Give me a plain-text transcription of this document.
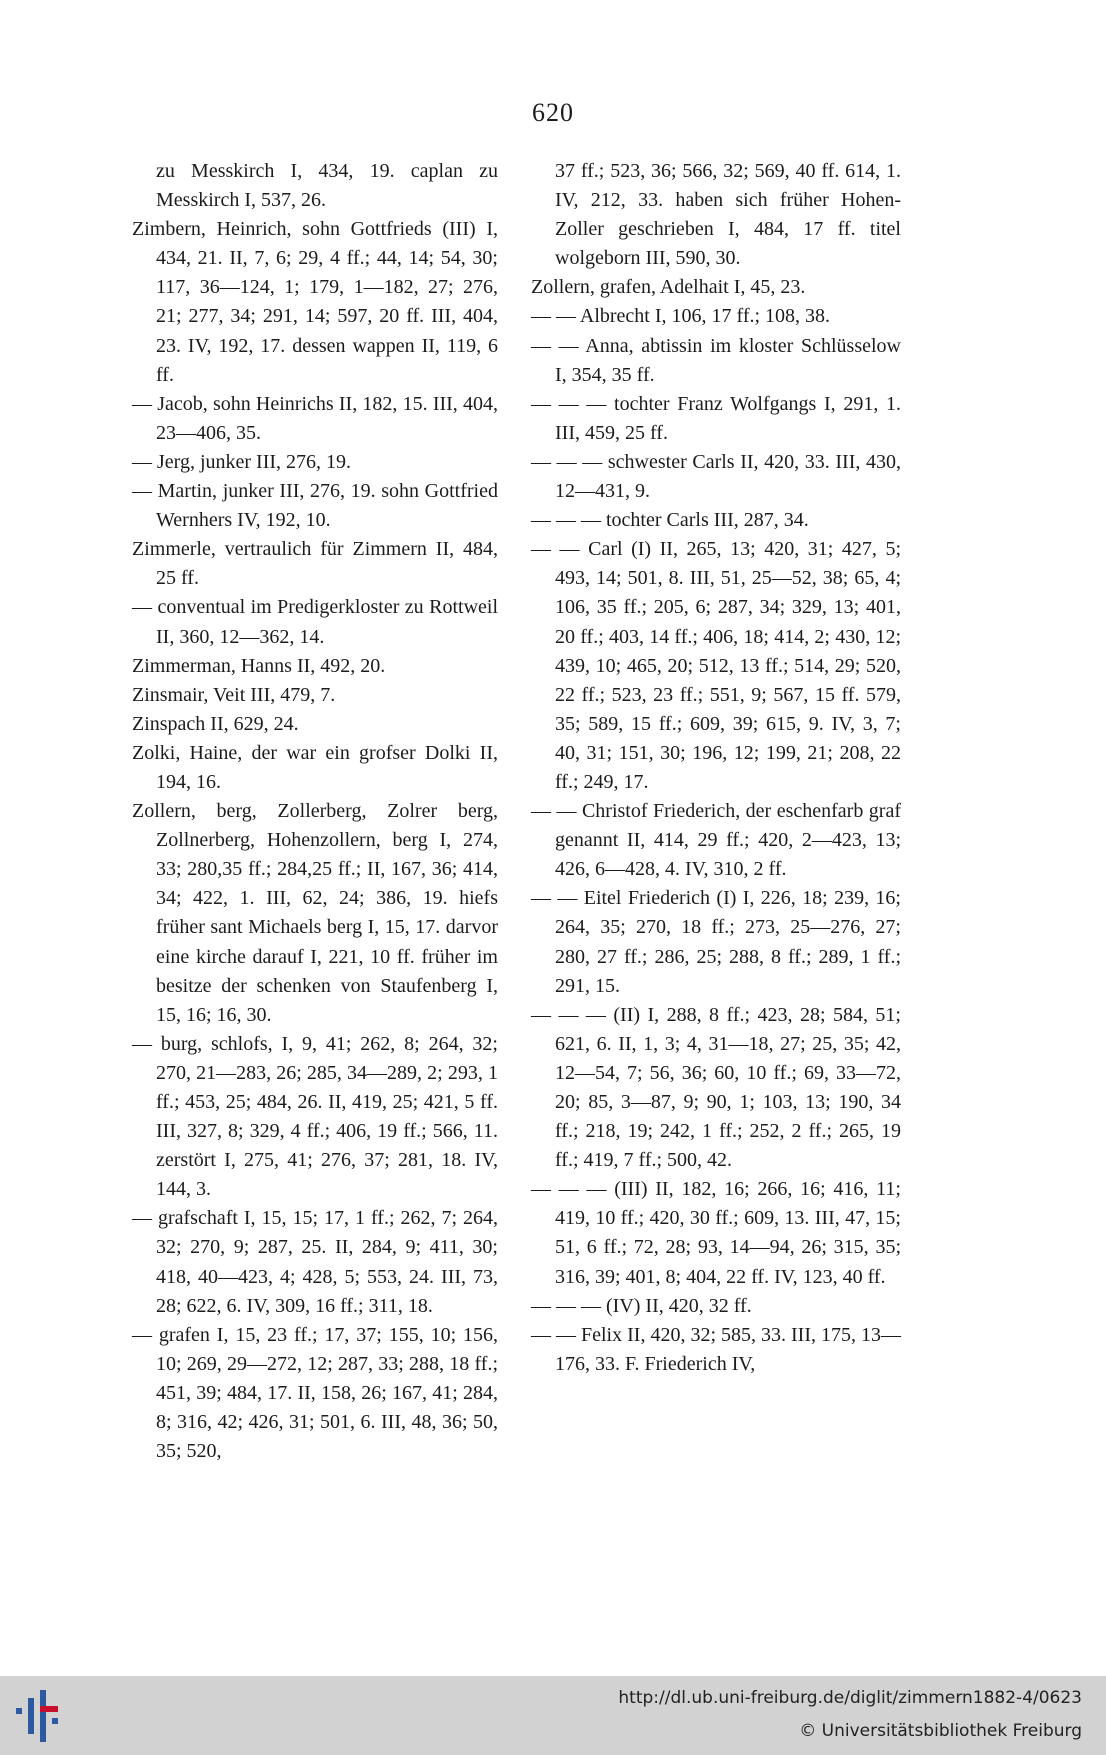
620

zu Messkirch I, 434, 19. caplan zu Messkirch I, 537, 26.

Zimbern, Heinrich, sohn Gottfrieds (III) I, 434, 21. II, 7, 6; 29, 4 ff.; 44, 14; 54, 30; 117, 36—124, 1; 179, 1—182, 27; 276, 21; 277, 34; 291, 14; 597, 20 ff. III, 404, 23. IV, 192, 17. dessen wappen II, 119, 6 ff.

— Jacob, sohn Heinrichs II, 182, 15. III, 404, 23—406, 35.

— Jerg, junker III, 276, 19.

— Martin, junker III, 276, 19. sohn Gottfried Wernhers IV, 192, 10.

Zimmerle, vertraulich für Zimmern II, 484, 25 ff.

— conventual im Predigerkloster zu Rottweil II, 360, 12—362, 14.

Zimmerman, Hanns II, 492, 20.

Zinsmair, Veit III, 479, 7.

Zinspach II, 629, 24.

Zolki, Haine, der war ein grofser Dolki II, 194, 16.

Zollern, berg, Zollerberg, Zolrer berg, Zollnerberg, Hohenzollern, berg I, 274, 33; 280,35 ff.; 284,25 ff.; II, 167, 36; 414, 34; 422, 1. III, 62, 24; 386, 19. hiefs früher sant Michaels berg I, 15, 17. darvor eine kirche darauf I, 221, 10 ff. früher im besitze der schenken von Staufenberg I, 15, 16; 16, 30.

— burg, schlofs, I, 9, 41; 262, 8; 264, 32; 270, 21—283, 26; 285, 34—289, 2; 293, 1 ff.; 453, 25; 484, 26. II, 419, 25; 421, 5 ff. III, 327, 8; 329, 4 ff.; 406, 19 ff.; 566, 11. zerstört I, 275, 41; 276, 37; 281, 18. IV, 144, 3.

— grafschaft I, 15, 15; 17, 1 ff.; 262, 7; 264, 32; 270, 9; 287, 25. II, 284, 9; 411, 30; 418, 40—423, 4; 428, 5; 553, 24. III, 73, 28; 622, 6. IV, 309, 16 ff.; 311, 18.

— grafen I, 15, 23 ff.; 17, 37; 155, 10; 156, 10; 269, 29—272, 12; 287, 33; 288, 18 ff.; 451, 39; 484, 17. II, 158, 26; 167, 41; 284, 8; 316, 42; 426, 31; 501, 6. III, 48, 36; 50, 35; 520,

37 ff.; 523, 36; 566, 32; 569, 40 ff. 614, 1. IV, 212, 33. haben sich früher Hohen-Zoller geschrieben I, 484, 17 ff. titel wolgeborn III, 590, 30.

Zollern, grafen, Adelhait I, 45, 23.

— — Albrecht I, 106, 17 ff.; 108, 38.

— — Anna, abtissin im kloster Schlüsselow I, 354, 35 ff.

— — — tochter Franz Wolfgangs I, 291, 1. III, 459, 25 ff.

— — — schwester Carls II, 420, 33. III, 430, 12—431, 9.

— — — tochter Carls III, 287, 34.

— — Carl (I) II, 265, 13; 420, 31; 427, 5; 493, 14; 501, 8. III, 51, 25—52, 38; 65, 4; 106, 35 ff.; 205, 6; 287, 34; 329, 13; 401, 20 ff.; 403, 14 ff.; 406, 18; 414, 2; 430, 12; 439, 10; 465, 20; 512, 13 ff.; 514, 29; 520, 22 ff.; 523, 23 ff.; 551, 9; 567, 15 ff. 579, 35; 589, 15 ff.; 609, 39; 615, 9. IV, 3, 7; 40, 31; 151, 30; 196, 12; 199, 21; 208, 22 ff.; 249, 17.

— — Christof Friederich, der eschenfarb graf genannt II, 414, 29 ff.; 420, 2—423, 13; 426, 6—428, 4. IV, 310, 2 ff.

— — Eitel Friederich (I) I, 226, 18; 239, 16; 264, 35; 270, 18 ff.; 273, 25—276, 27; 280, 27 ff.; 286, 25; 288, 8 ff.; 289, 1 ff.; 291, 15.

— — — (II) I, 288, 8 ff.; 423, 28; 584, 51; 621, 6. II, 1, 3; 4, 31—18, 27; 25, 35; 42, 12—54, 7; 56, 36; 60, 10 ff.; 69, 33—72, 20; 85, 3—87, 9; 90, 1; 103, 13; 190, 34 ff.; 218, 19; 242, 1 ff.; 252, 2 ff.; 265, 19 ff.; 419, 7 ff.; 500, 42.

— — — (III) II, 182, 16; 266, 16; 416, 11; 419, 10 ff.; 420, 30 ff.; 609, 13. III, 47, 15; 51, 6 ff.; 72, 28; 93, 14—94, 26; 315, 35; 316, 39; 401, 8; 404, 22 ff. IV, 123, 40 ff.

— — — (IV) II, 420, 32 ff.

— — Felix II, 420, 32; 585, 33. III, 175, 13—176, 33. F. Friederich IV,

http://dl.ub.uni-freiburg.de/diglit/zimmern1882-4/0623
© Universitätsbibliothek Freiburg
